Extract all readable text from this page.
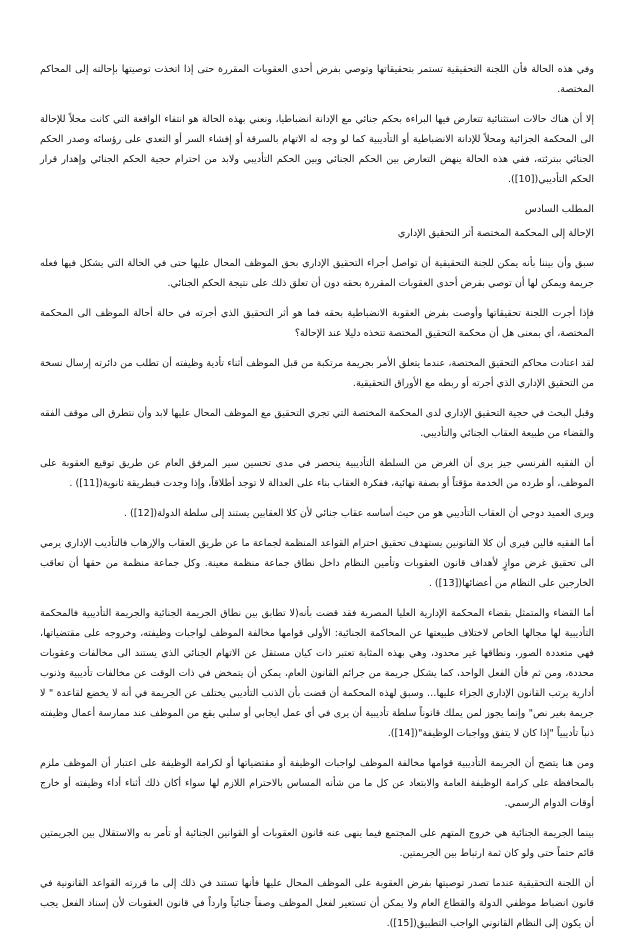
وفي هذه الحالة فأن اللجنة التحقيقية تستمر بتحقيقاتها وتوصي بفرض أحدى العقوبات المقررة حتى إذا اتخذت توصيتها بإحالته إلى المحاكم المختصة.

إلا أن هناك حالات استثنائية تتعارض فيها البراءة بحكم جنائي مع الإدانة انضباطيا، ونعني بهذه الحالة هو انتفاء الواقعة التي كانت محلاً للإحالة الى المحكمة الجزائية ومحلاً للإدانة الانضباطية أو التأديبية كما لو وجه له الاتهام بالسرقة أو إفشاء السر أو التعدي على رؤسائه وصدر الحكم الجنائي ببترئته، ففي هذه الحالة ينهض التعارض بين الحكم الجنائي وبين الحكم التأديبي ولابد من احترام حجية الحكم الجنائي وإهدار قرار الحكم التأديبي([10]).

المطلب السادس

الإحالة إلى المحكمة المختصة أثر التحقيق الإداري

سبق وأن بيننا بأنه يمكن للجنة التحقيقية أن تواصل أجراء التحقيق الإداري بحق الموظف المحال عليها حتى في الحالة التي يشكل فيها فعله جريمة ويمكن لها أن توصي بفرض أحدى العقوبات المقررة بحقه دون أن تعلق ذلك على نتيجة الحكم الجنائي.

فإذا أجرت اللجنة تحقيقاتها وأوصت بفرض العقوبة الانضباطية بحقه فما هو أثر التحقيق الذي أجرته في حالة أحالة الموظف الى المحكمة المختصة، أي بمعنى هل أن محكمة التحقيق المختصة تتخذه دليلا عند الإحالة؟

لقد اعتادت محاكم التحقيق المختصة، عندما يتعلق الأمر بجريمة مرتكبة من قبل الموظف أثناء تأدية وظيفته أن تطلب من دائرته إرسال نسخة من التحقيق الإداري الذي أجرته أو ربطه مع الأوراق التحقيقية.

وقبل البحث في حجية التحقيق الإداري لدى المحكمة المختصة التي تجري التحقيق مع الموظف المحال عليها لابد وأن نتطرق الى موقف الفقه والقضاء من طبيعة العقاب الجنائي والتأديبي.

أن الفقيه الفرنسي جيز يرى أن الغرض من السلطة التأديبية ينحصر في مدى تحسين سير المرفق العام عن طريق توقيع العقوبة على الموظف، أو طرده من الخدمة مؤقتاً أو بصفة نهائية، ففكرة العقاب بناء على العدالة لا توجد أطلاقاً، وإذا وجدت فبطريقة ثانوية([11]) .

ويرى العميد دوجي أن العقاب التأديبي هو من حيث أساسه عقاب جنائي لأن كلا العقابين يستند إلى سلطة الدولة([12]) .

أما الفقيه فالين فيرى أن كلا القانونين يستهدف تحقيق احترام القواعد المنظمة لجماعة ما عن طريق العقاب والإرهاب فالتأديب الإداري يرمي الى تحقيق غرض موازٍ لأهداف قانون العقوبات وتأمين النظام داخل نطاق جماعة منظمة معينة. وكل جماعة منظمة من حقها أن تعاقب الخارجين على النظام من أعضائها([13]) .

أما القضاء والمتمثل بقضاء المحكمة الإدارية العليا المصرية فقد قضت بأنه(لا تطابق بين نطاق الجريمة الجنائية والجريمة التأديبية فالمحكمة التأديبية لها مجالها الخاص لاختلاف طبيعتها عن المحاكمة الجنائية: الأولى قوامها مخالفة الموظف لواجبات وظيفته، وخروجه على مقتضياتها، فهي متعددة الصور، ونطاقها غير محدود، وهي بهذه المثابة تعتبر ذات كيان مستقل عن الاتهام الجنائي الذي يستند الى مخالفات وعقوبات محددة، ومن ثم فأن الفعل الواحد، كما يشكل جريمة من جرائم القانون العام، يمكن أن يتمخض في ذات الوقت عن مخالفات تأديبية وذنوب أدارية يرتب القانون الإداري الجزاء عليها… وسبق لهذه المحكمة أن قضت بأن الذنب التأديبي يختلف عن الجريمة في أنه لا يخضع لقاعدة " لا جريمة بغير نص" وإنما يجوز لمن يملك قانوناً سلطة تأديبية أن يرى في أي عمل ايجابي أو سلبي يقع من الموظف عند ممارسة أعمال وظيفته ذنباً تأديبياً "إذا كان لا يتفق وواجبات الوظيفة"([14]).

ومن هنا يتضح أن الجريمة التأديبية قوامها مخالفة الموظف لواجبات الوظيفة أو مقتضياتها أو لكرامة الوظيفة على اعتبار أن الموظف ملزم بالمحافظة على كرامة الوظيفة العامة والابتعاد عن كل ما من شأنه المساس بالاحترام اللازم لها سواء أكان ذلك أثناء أداء وظيفته أو خارج أوقات الدوام الرسمي.

بينما الجريمة الجنائية هي خروج المتهم على المجتمع فيما ينهى عنه قانون العقوبات أو القوانين الجنائية أو تأمر به والاستقلال بين الجريمتين قائم حتماً حتى ولو كان ثمة ارتباط بين الجريمتين.

أن اللجنة التحقيقية عندما تصدر توصيتها بفرض العقوبة على الموظف المحال عليها فأنها تستند في ذلك إلى ما قررته القواعد القانونية في قانون انضباط موظفي الدولة والقطاع العام ولا يمكن أن تستعير لفعل الموظف وصفاً جنائياً وارداً في قانون العقوبات لأن إسناد الفعل يجب أن يكون إلى النظام القانوني الواجب التطبيق([15]).
